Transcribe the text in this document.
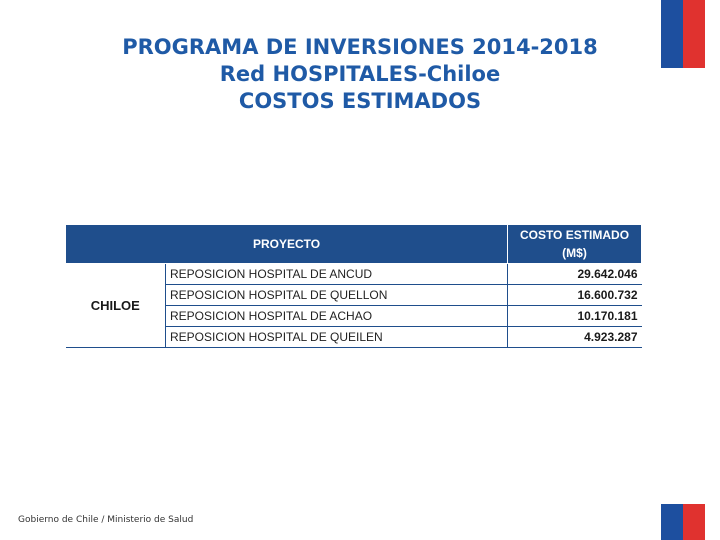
PROGRAMA DE INVERSIONES 2014-2018
Red HOSPITALES-Chiloe
COSTOS ESTIMADOS
PROYECTO		COSTO ESTIMADO
(M$)

CHILOE	REPOSICION HOSPITAL DE ANCUD	29.642.046
	REPOSICION HOSPITAL DE QUELLON	16.600.732
	REPOSICION HOSPITAL DE ACHAO	10.170.181
	REPOSICION HOSPITAL DE QUEILEN	4.923.287
Gobierno de Chile / Ministerio de Salud
